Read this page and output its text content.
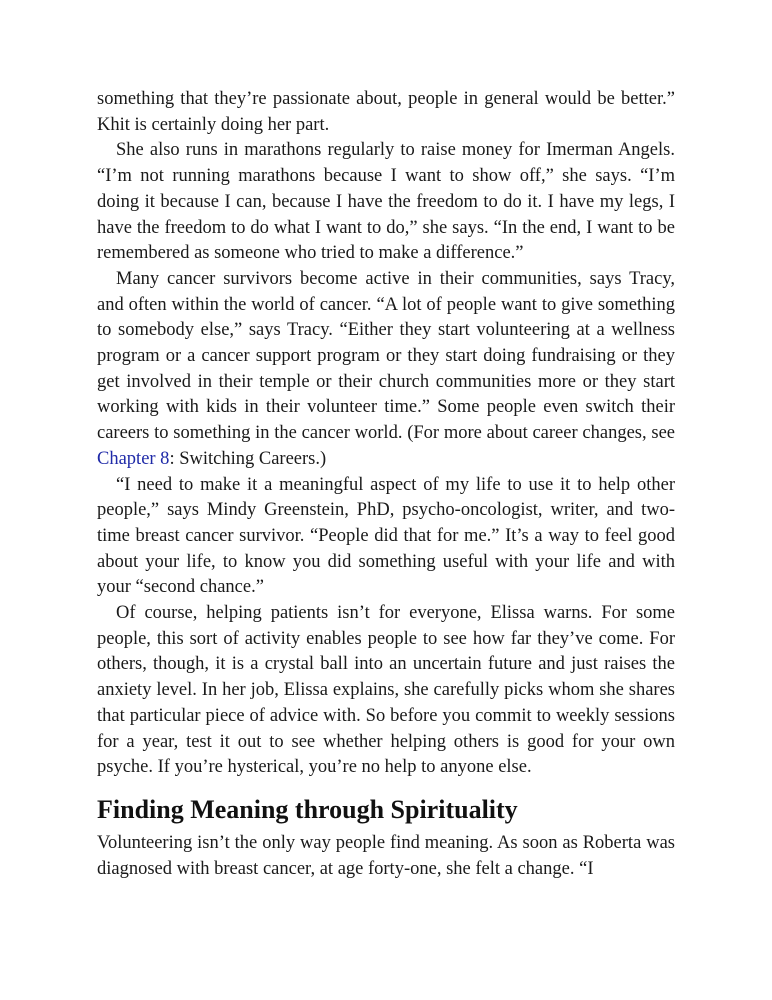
something that they’re passionate about, people in general would be better.” Khit is certainly doing her part.

She also runs in marathons regularly to raise money for Imerman Angels. “I’m not running marathons because I want to show off,” she says. “I’m doing it because I can, because I have the freedom to do it. I have my legs, I have the freedom to do what I want to do,” she says. “In the end, I want to be remembered as someone who tried to make a difference.”

Many cancer survivors become active in their communities, says Tracy, and often within the world of cancer. “A lot of people want to give something to somebody else,” says Tracy. “Either they start volunteering at a wellness program or a cancer support program or they start doing fundraising or they get involved in their temple or their church communities more or they start working with kids in their volunteer time.” Some people even switch their careers to something in the cancer world. (For more about career changes, see Chapter 8: Switching Careers.)

“I need to make it a meaningful aspect of my life to use it to help other people,” says Mindy Greenstein, PhD, psycho-oncologist, writer, and two-time breast cancer survivor. “People did that for me.” It’s a way to feel good about your life, to know you did something useful with your life and with your “second chance.”

Of course, helping patients isn’t for everyone, Elissa warns. For some people, this sort of activity enables people to see how far they’ve come. For others, though, it is a crystal ball into an uncertain future and just raises the anxiety level. In her job, Elissa explains, she carefully picks whom she shares that particular piece of advice with. So before you commit to weekly sessions for a year, test it out to see whether helping others is good for your own psyche. If you’re hysterical, you’re no help to anyone else.

Finding Meaning through Spirituality

Volunteering isn’t the only way people find meaning. As soon as Roberta was diagnosed with breast cancer, at age forty-one, she felt a change. “I
